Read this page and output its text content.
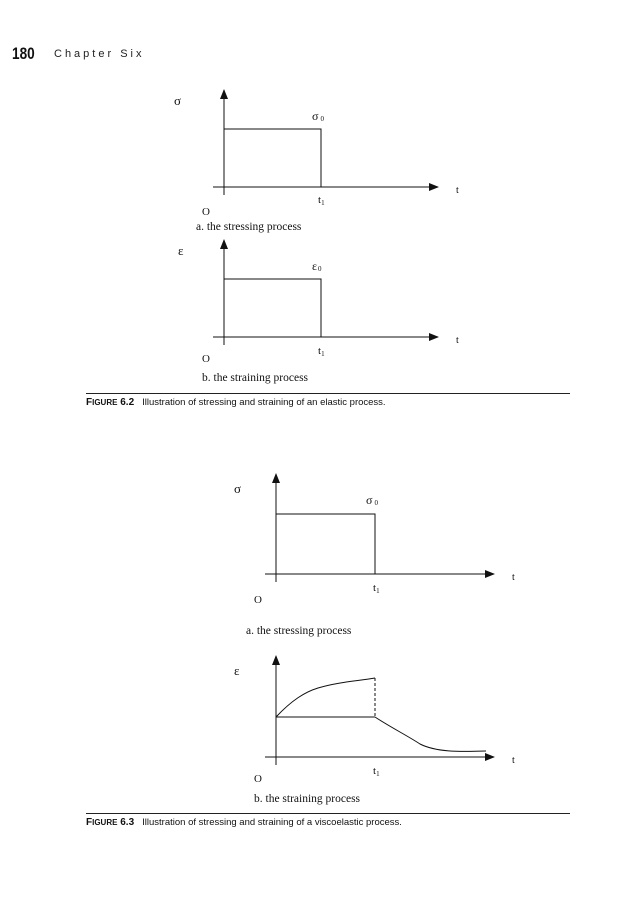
180 Chapter Six
σ
σ 0
t
t1
O
a. the stressing process
ε
ε0
t
t1
O
b. the straining process
FIGURE 6.2 Illustration of stressing and straining of an elastic process.
σ
σ 0
t
t1
O
a. the stressing process
ε
t
t1
O
b. the straining process
FIGURE 6.3 Illustration of stressing and straining of a viscoelastic process.
